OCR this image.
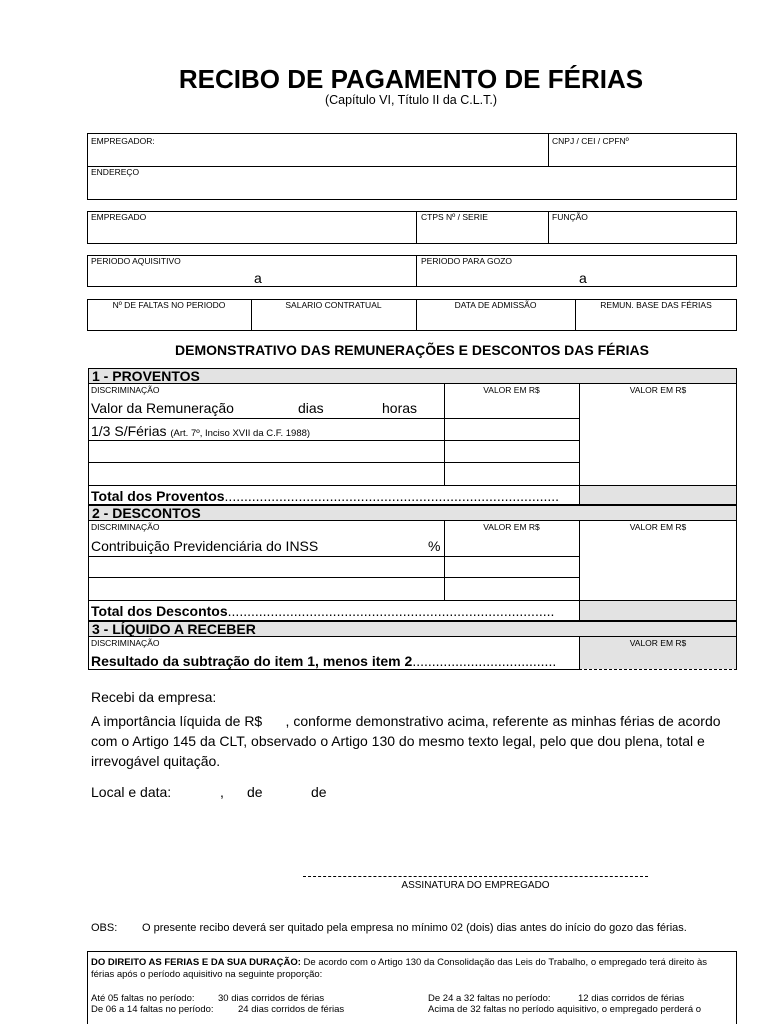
RECIBO DE PAGAMENTO DE FÉRIAS
(Capítulo VI, Título II da C.L.T.)
EMPREGADOR:	CNPJ / CEI / CPFNº
ENDEREÇO
EMPREGADO	CTPS Nº / SERIE	FUNÇÃO
PERIODO AQUISITIVO	PERIODO PARA GOZO
a	a
Nº DE FALTAS NO PERIODO	SALARIO CONTRATUAL	DATA DE ADMISSÃO	REMUN. BASE DAS FÉRIAS
DEMONSTRATIVO DAS REMUNERAÇÕES E DESCONTOS DAS FÉRIAS
1 - PROVENTOS
DISCRIMINAÇÃO	VALOR EM R$	VALOR EM R$
Valor da Remuneração	dias	horas
1/3 S/Férias (Art. 7º, Inciso XVII da C.F. 1988)
Total dos Proventos......................................................................................
2 - DESCONTOS
DISCRIMINAÇÃO	VALOR EM R$	VALOR EM R$
Contribuição Previdenciária do INSS	%
Total dos Descontos....................................................................................
3 - LÍQUIDO A RECEBER
DISCRIMINAÇÃO	VALOR EM R$
Resultado da subtração do item 1, menos item 2.....................................
Recebi da empresa:
A importância líquida de R$      , conforme demonstrativo acima, referente as minhas férias de acordo com o Artigo 145 da CLT, observado o Artigo 130 do mesmo texto legal, pelo que dou plena, total e irrevogável quitação.
Local e data:	, de	de
ASSINATURA DO EMPREGADO
OBS: O presente recibo deverá ser quitado pela empresa no mínimo 02 (dois) dias antes do início do gozo das férias.
DO DIREITO AS FERIAS E DA SUA DURAÇÃO: De acordo com o Artigo 130 da Consolidação das Leis do Trabalho, o empregado terá direito às férias após o período aquisitivo na seguinte proporção:
Até 05 faltas no período: 30 dias corridos de férias
De 06 a 14 faltas no período:	24 dias corridos de férias
De 24 a 32 faltas no período:	12 dias corridos de férias
Acima de 32 faltas no período aquisitivo, o empregado perderá o
